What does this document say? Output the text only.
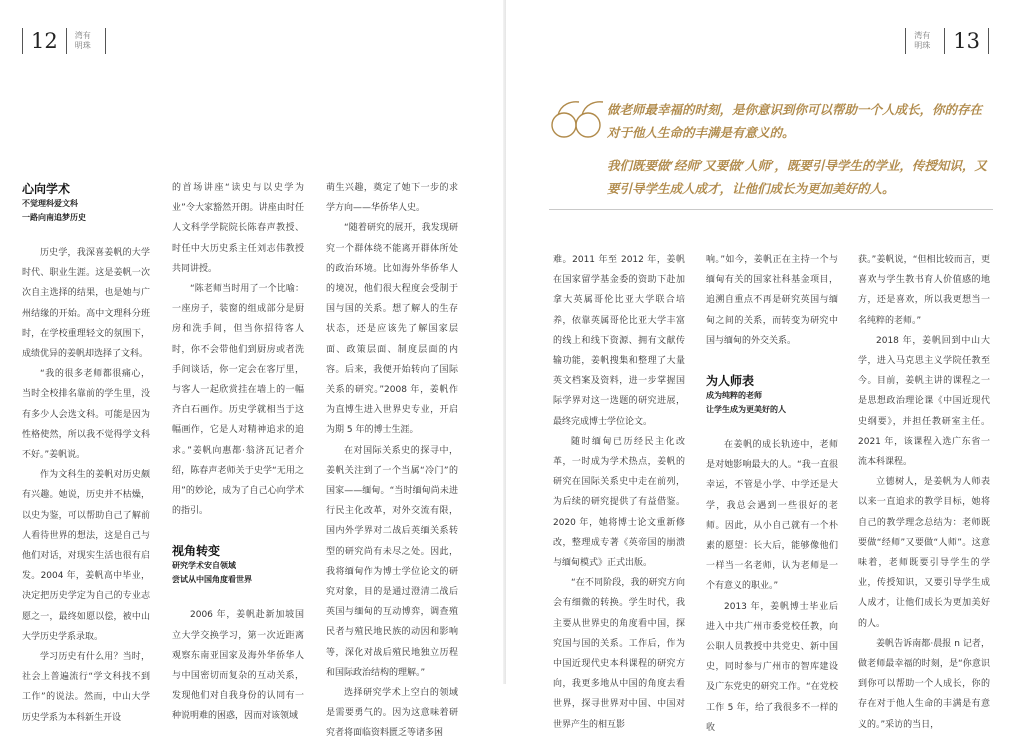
12	湾有明珠

心向学术

不觉理科爱文科

一路向南追梦历史

历史学，我深喜姜帆的大学时代、职业生涯。这是姜帆一次次自主选择的结果，也是她与广州结缘的开始。高中文理科分班时，在学校重理轻文的氛围下，成绩优异的姜帆却选择了文科。

“我的很多老师都很痛心，当时全校排名靠前的学生里，没有多少人会选文科。可能是因为性格使然，所以我不觉得学文科不好。”姜帆说。

作为文科生的姜帆对历史颇有兴趣。她说，历史并不枯燥，以史为鉴，可以帮助自己了解前人看待世界的想法，这是自己与他们对话，对现实生活也很有启发。2004 年，姜帆高中毕业，决定把历史学定为自己的专业志愿之一，最终如愿以偿，被中山大学历史学系录取。

学习历史有什么用？当时，社会上普遍流行“学文科找不到工作”的说法。然而，中山大学历史学系为本科新生开设

的首场讲座“读史与以史学为业”令大家豁然开朗。讲座由时任人文科学学院院长陈春声教授、时任中大历史系主任刘志伟教授共同讲授。

“陈老师当时用了一个比喻：一座房子，装窗的组成部分是厨房和洗手间，但当你招待客人时，你不会带他们到厨房或者洗手间谈话，你一定会在客厅里，与客人一起欣赏挂在墙上的一幅齐白石画作。历史学就相当于这幅画作，它是人对精神追求的追求。”姜帆向惠都·翁济瓦记者介绍，陈春声老师关于史学“无用之用”的妙论，成为了自己心向学术的指引。

视角转变

研究学术安自领域

尝试从中国角度看世界

2006 年，姜帆赴新加坡国立大学交换学习，第一次近距离观察东南亚国家及海外华侨华人与中国密切而复杂的互动关系，发现他们对自我身份的认同有一种说明难的困惑，因而对该领域

萌生兴趣，奠定了她下一步的求学方向——华侨华人史。

“随着研究的展开，我发现研究一个群体绕不能离开群体所处的政治环境。比如海外华侨华人的境况，他们很大程度会受制于国与国的关系。想了解人的生存状态，还是应该先了解国家层面、政策层面、制度层面的内容。后来，我便开始转向了国际关系的研究。”2008 年，姜帆作为直博生进入世界史专业，开启为期 5 年的博士生涯。

在对国际关系史的探寻中，姜帆关注到了一个当属“冷门”的国家——缅甸。“当时缅甸尚未进行民主化改革，对外交流有限，国内外学界对二战后英缅关系转型的研究尚有未尽之处。因此，我将缅甸作为博士学位论文的研究对象，目的是通过澄清二战后英国与缅甸的互动博弈，调查殖民者与殖民地民族的动因和影响等，深化对战后殖民地独立历程和国际政治结构的理解。”

选择研究学术上空白的领域是需要勇气的。因为这意味着研究者将面临资料匮乏等诸多困

湾有明珠	13

做老师最幸福的时刻，是你意识到你可以帮助一个人成长，你的存在对于他人生命的丰满是有意义的。

我们既要做‘经师’又要做‘人师’，既要引导学生的学业，传授知识，又要引导学生成人成才，让他们成长为更加美好的人。

难。2011 年至 2012 年，姜帆在国家留学基金委的资助下赴加拿大英属哥伦比亚大学联合培养，依靠英属哥伦比亚大学丰富的线上和线下资源、拥有文献传输功能，姜帆搜集和整理了大量英文档案及资料，进一步掌握国际学界对这一选题的研究进展，最终完成博士学位论文。

随时缅甸已历经民主化改革，一时成为学术热点，姜帆的研究在国际关系史中走在前列，为后续的研究提供了有益借鉴。2020 年，她将博士论文重新修改，整理成专著《英帝国的崩溃与缅甸模式》正式出版。

“在不同阶段，我的研究方向会有细微的转换。学生时代，我主要从世界史的角度看中国，探究国与国的关系。工作后，作为中国近现代史本科课程的研究方向，我更多地从中国的角度去看世界，探寻世界对中国、中国对世界产生的相互影

响。”如今，姜帆正在主持一个与缅甸有关的国家社科基金项目，追溯自重点不再是研究英国与缅甸之间的关系，而转变为研究中国与缅甸的外交关系。

为人师表

成为纯粹的老师

让学生成为更美好的人

在姜帆的成长轨迹中，老师是对她影响最大的人。“我一直很幸运，不管是小学、中学还是大学，我总会遇到一些很好的老师。因此，从小自己就有一个朴素的愿望：长大后，能够像他们一样当一名老师，认为老师是一个有意义的职业。”

2013 年，姜帆博士毕业后进入中共广州市委党校任教，向公职人员教授中共党史、新中国史，同时参与广州市的智库建设及广东党史的研究工作。“在党校工作 5 年，给了我很多不一样的收

获。”姜帆说，“但相比较而言，更喜欢与学生教书育人价值感的地方，还是喜欢，所以我更想当一名纯粹的老师。”

2018 年，姜帆回到中山大学，进入马克思主义学院任教至今。目前，姜帆主讲的课程之一是思想政治理论课《中国近现代史纲要》，并担任教研室主任。2021 年，该课程入选广东省一流本科课程。

立德树人，是姜帆为人师表以来一直追求的教学目标，她将自己的教学理念总结为：老师既要做“经师”又要做“人师”。这意味着，老师既要引导学生的学业，传授知识，又要引导学生成人成才，让他们成长为更加美好的人。

姜帆告诉南都·晨报 n 记者，做老师最幸福的时刻，是“你意识到你可以帮助一个人成长，你的存在对于他人生命的丰满是有意义的。”采访的当日，
